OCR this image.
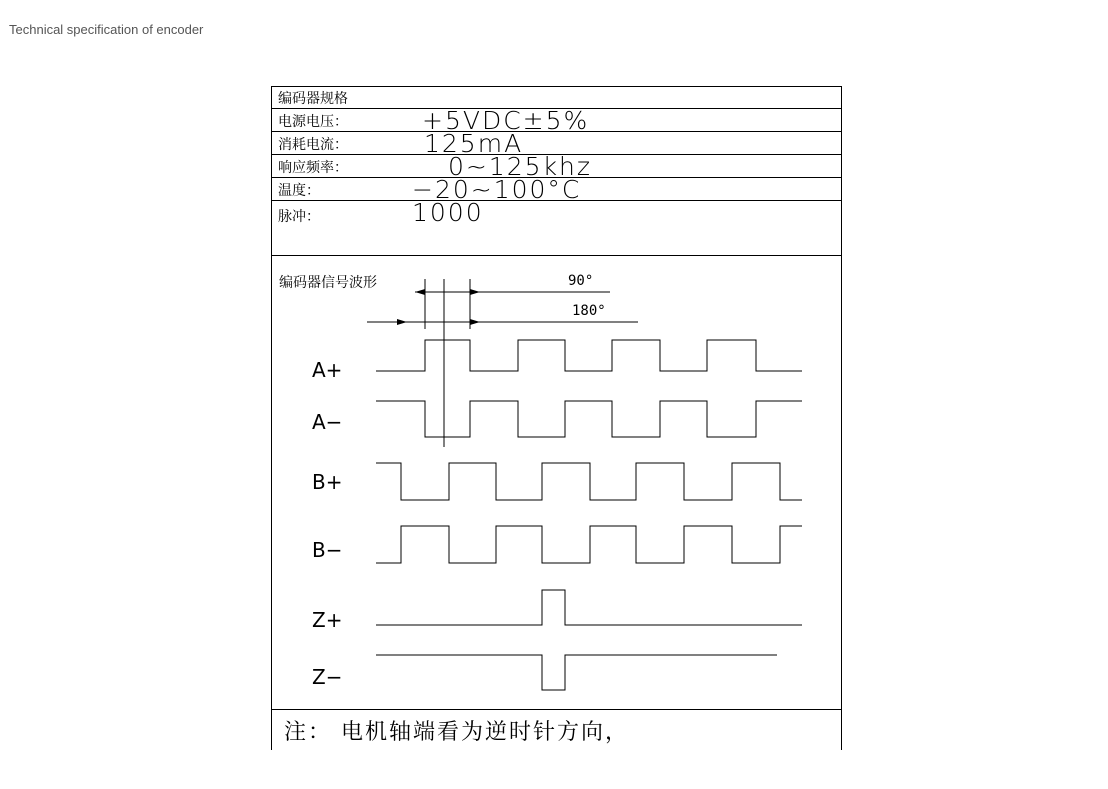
Technical specification of encoder
编码器规格
电源电压：	+5VDC±5%
消耗电流：	125mA
响应频率：	0~125khz
温度：	−20~100°C
脉冲：	1000
编码器信号波形	90°
180°
A+
A−
B+
B−
Z+
Z−
注： 电机轴端看为逆时针方向，
